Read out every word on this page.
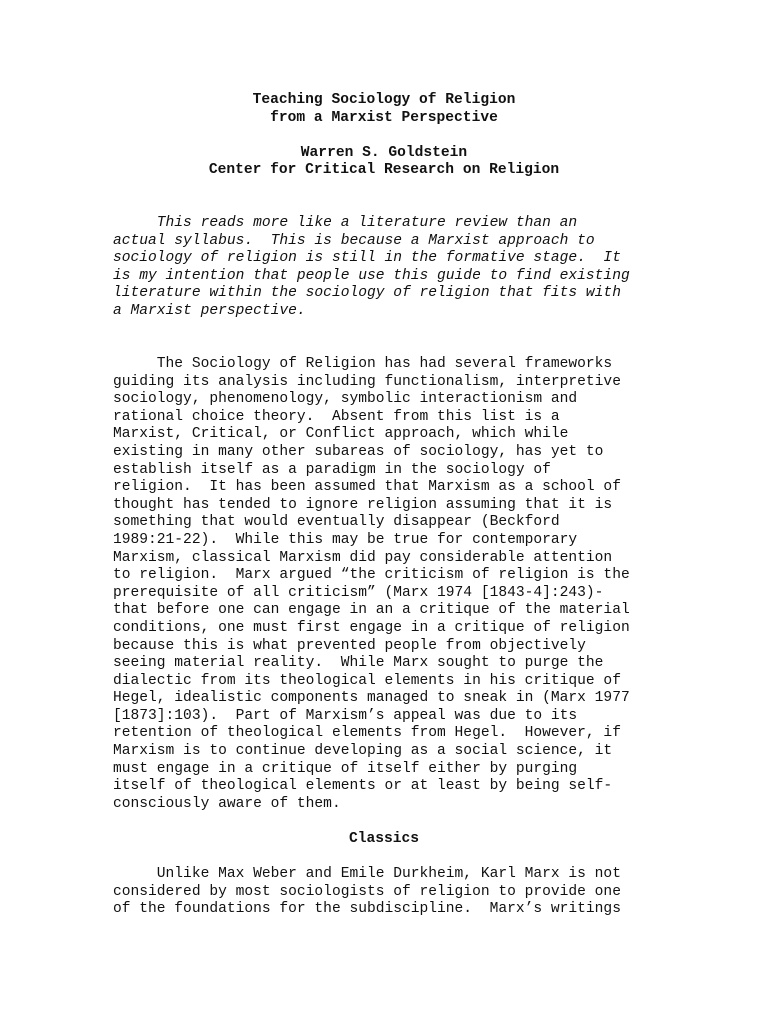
Teaching Sociology of Religion
from a Marxist Perspective
Warren S. Goldstein
Center for Critical Research on Religion
This reads more like a literature review than an
actual syllabus.  This is because a Marxist approach to
sociology of religion is still in the formative stage.  It
is my intention that people use this guide to find existing
literature within the sociology of religion that fits with
a Marxist perspective.
The Sociology of Religion has had several frameworks
guiding its analysis including functionalism, interpretive
sociology, phenomenology, symbolic interactionism and
rational choice theory.  Absent from this list is a
Marxist, Critical, or Conflict approach, which while
existing in many other subareas of sociology, has yet to
establish itself as a paradigm in the sociology of
religion.  It has been assumed that Marxism as a school of
thought has tended to ignore religion assuming that it is
something that would eventually disappear (Beckford
1989:21-22).  While this may be true for contemporary
Marxism, classical Marxism did pay considerable attention
to religion.  Marx argued “the criticism of religion is the
prerequisite of all criticism” (Marx 1974 [1843-4]:243)-
that before one can engage in an a critique of the material
conditions, one must first engage in a critique of religion
because this is what prevented people from objectively
seeing material reality.  While Marx sought to purge the
dialectic from its theological elements in his critique of
Hegel, idealistic components managed to sneak in (Marx 1977
[1873]:103).  Part of Marxism’s appeal was due to its
retention of theological elements from Hegel.  However, if
Marxism is to continue developing as a social science, it
must engage in a critique of itself either by purging
itself of theological elements or at least by being self-
consciously aware of them.
Classics
Unlike Max Weber and Emile Durkheim, Karl Marx is not
considered by most sociologists of religion to provide one
of the foundations for the subdiscipline.  Marx’s writings
